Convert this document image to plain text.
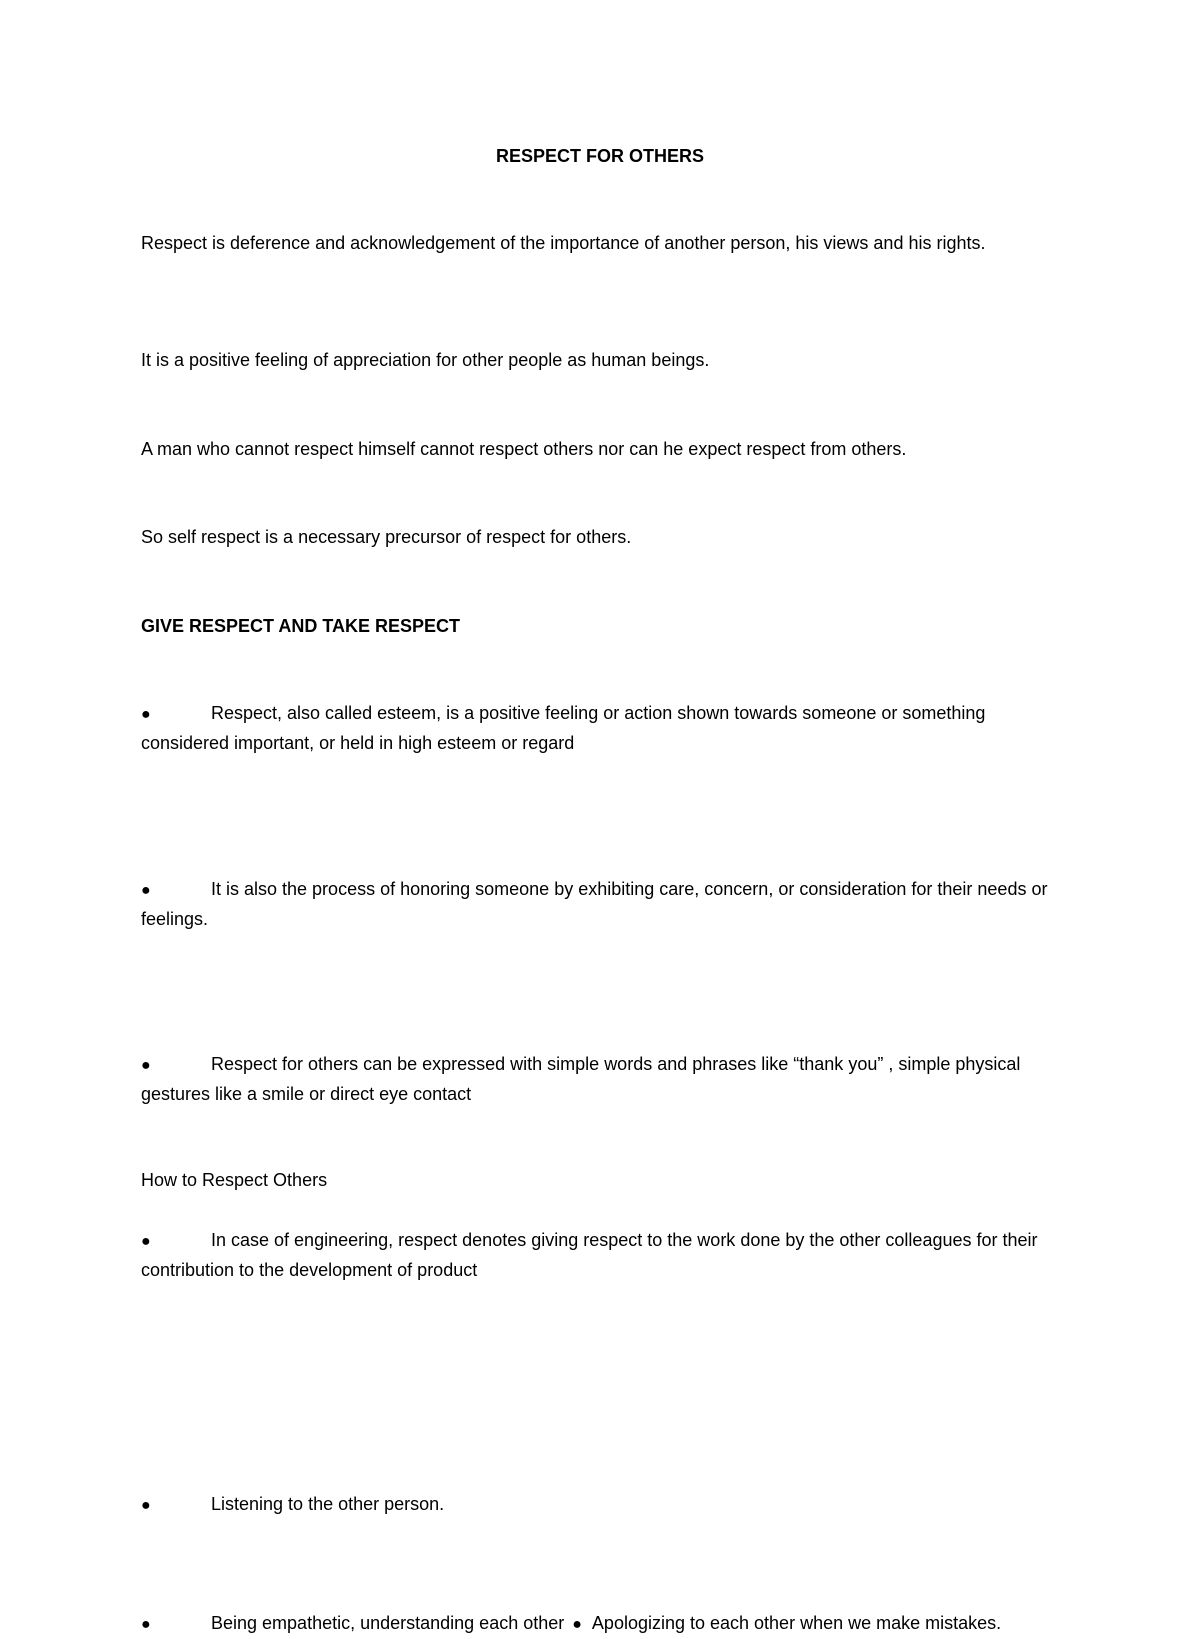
RESPECT FOR OTHERS

Respect is deference and acknowledgement of the importance of another person, his views and his rights.

It is a positive feeling of appreciation for other people as human beings.

A man who cannot respect himself cannot respect others nor can he expect respect from others.

So self respect is a necessary precursor of respect for others.

GIVE RESPECT AND TAKE RESPECT

●	Respect, also called esteem, is a positive feeling or action shown towards someone or something considered important, or held in high esteem or regard

●	It is also the process of honoring someone by exhibiting care, concern, or consideration for their needs or feelings.

●	Respect for others can be expressed with simple words and phrases like “thank you” , simple physical gestures like a smile or direct eye contact

●	In case of engineering, respect denotes giving respect to the work done by the other colleagues for their contribution to the development of product

How to Respect Others

●	Listening to the other person.

●	Being empathetic, understanding each other ● Apologizing to each other when we make mistakes.
